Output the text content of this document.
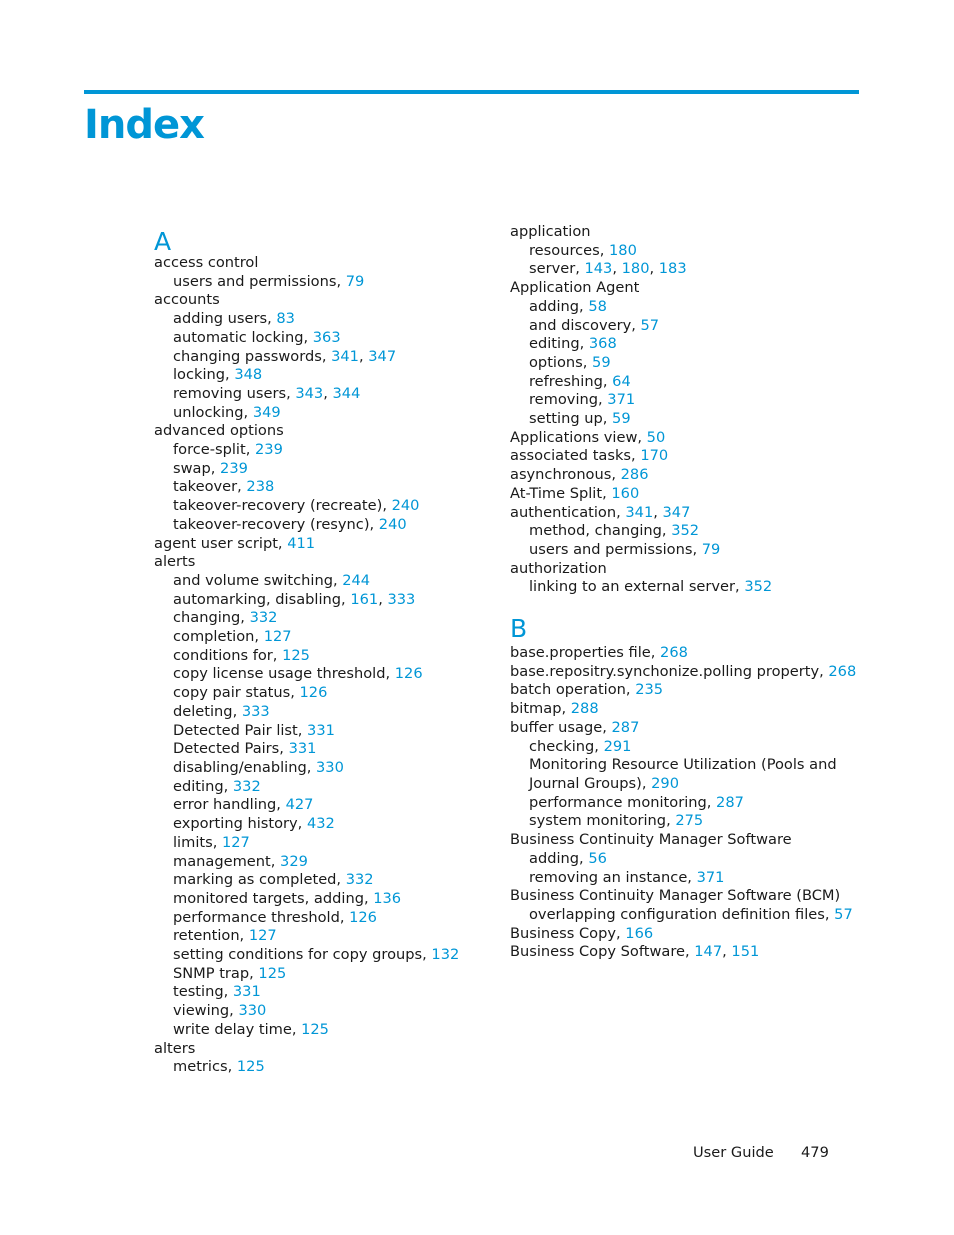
Index
A
access control
users and permissions, 79
accounts
adding users, 83
automatic locking, 363
changing passwords, 341, 347
locking, 348
removing users, 343, 344
unlocking, 349
advanced options
force-split, 239
swap, 239
takeover, 238
takeover-recovery (recreate), 240
takeover-recovery (resync), 240
agent user script, 411
alerts
and volume switching, 244
automarking, disabling, 161, 333
changing, 332
completion, 127
conditions for, 125
copy license usage threshold, 126
copy pair status, 126
deleting, 333
Detected Pair list, 331
Detected Pairs, 331
disabling/enabling, 330
editing, 332
error handling, 427
exporting history, 432
limits, 127
management, 329
marking as completed, 332
monitored targets, adding, 136
performance threshold, 126
retention, 127
setting conditions for copy groups, 132
SNMP trap, 125
testing, 331
viewing, 330
write delay time, 125
alters
metrics, 125
application
resources, 180
server, 143, 180, 183
Application Agent
adding, 58
and discovery, 57
editing, 368
options, 59
refreshing, 64
removing, 371
setting up, 59
Applications view, 50
associated tasks, 170
asynchronous, 286
At-Time Split, 160
authentication, 341, 347
method, changing, 352
users and permissions, 79
authorization
linking to an external server, 352
B
base.properties file, 268
base.repositry.synchonize.polling property, 268
batch operation, 235
bitmap, 288
buffer usage, 287
checking, 291
Monitoring Resource Utilization (Pools and
Journal Groups), 290
performance monitoring, 287
system monitoring, 275
Business Continuity Manager Software
adding, 56
removing an instance, 371
Business Continuity Manager Software (BCM)
overlapping configuration definition files, 57
Business Copy, 166
Business Copy Software, 147, 151
User Guide 479
